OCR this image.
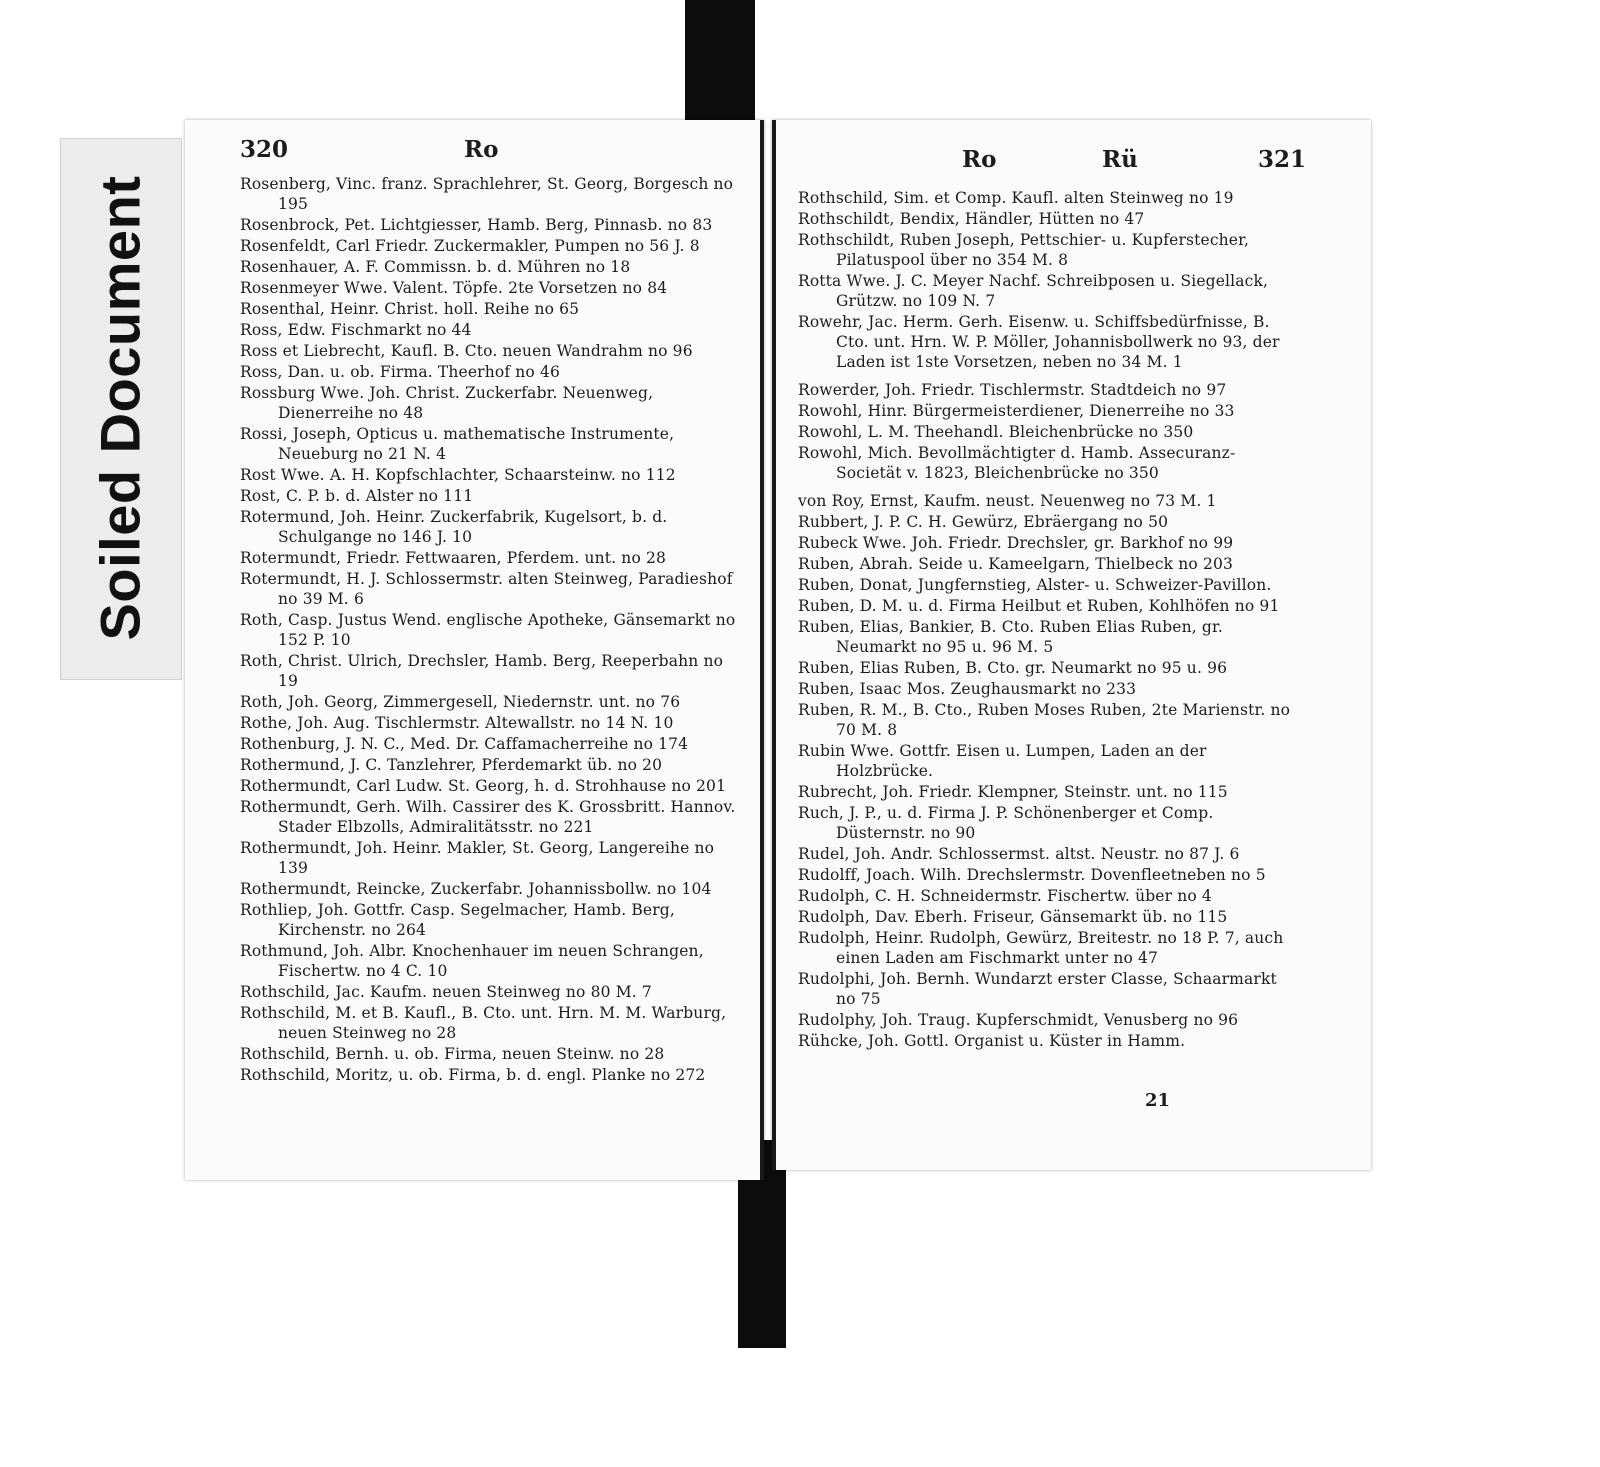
Soiled Document
320	Ro	Ro	Rü	321
Rosenberg, Vinc. franz. Sprachlehrer, St. Georg, Borgesch no 195
Rosenbrock, Pet. Lichtgiesser, Hamb. Berg, Pinnasb. no 83
Rosenfeldt, Carl Friedr. Zuckermakler, Pumpen no 56 J. 8
Rosenhauer, A. F. Commissn. b. d. Mühren no 18
Rosenmeyer Wwe. Valent. Töpfe. 2te Vorsetzen no 84
Rosenthal, Heinr. Christ. holl. Reihe no 65
Ross, Edw. Fischmarkt no 44
Ross et Liebrecht, Kaufl. B. Cto. neuen Wandrahm no 96
Ross, Dan. u. ob. Firma. Theerhof no 46
Rossburg Wwe. Joh. Christ. Zuckerfabr. Neuenweg, Dienerreihe no 48
Rossi, Joseph, Opticus u. mathematische Instrumente, Neueburg no 21 N. 4
Rost Wwe. A. H. Kopfschlachter, Schaarsteinw. no 112
Rost, C. P. b. d. Alster no 111
Rotermund, Joh. Heinr. Zuckerfabrik, Kugelsort, b. d. Schulgange no 146 J. 10
Rotermundt, Friedr. Fettwaaren, Pferdem. unt. no 28
Rotermundt, H. J. Schlossermstr. alten Steinweg, Paradieshof no 39 M. 6
Roth, Casp. Justus Wend. englische Apotheke, Gänsemarkt no 152 P. 10
Roth, Christ. Ulrich, Drechsler, Hamb. Berg, Reeperbahn no 19
Roth, Joh. Georg, Zimmergesell, Niedernstr. unt. no 76
Rothe, Joh. Aug. Tischlermstr. Altewallstr. no 14 N. 10
Rothenburg, J. N. C., Med. Dr. Caffamacherreihe no 174
Rothermund, J. C. Tanzlehrer, Pferdemarkt üb. no 20
Rothermundt, Carl Ludw. St. Georg, h. d. Strohhause no 201
Rothermundt, Gerh. Wilh. Cassirer des K. Grossbritt. Hannov. Stader Elbzolls, Admiralitätsstr. no 221
Rothermundt, Joh. Heinr. Makler, St. Georg, Langereihe no 139
Rothermundt, Reincke, Zuckerfabr. Johannissbollw. no 104
Rothliep, Joh. Gottfr. Casp. Segelmacher, Hamb. Berg, Kirchenstr. no 264
Rothmund, Joh. Albr. Knochenhauer im neuen Schrangen, Fischertw. no 4 C. 10
Rothschild, Jac. Kaufm. neuen Steinweg no 80 M. 7
Rothschild, M. et B. Kaufl., B. Cto. unt. Hrn. M. M. Warburg, neuen Steinweg no 28
Rothschild, Bernh. u. ob. Firma, neuen Steinw. no 28
Rothschild, Moritz, u. ob. Firma, b. d. engl. Planke no 272
Rothschild, Sim. et Comp. Kaufl. alten Steinweg no 19
Rothschildt, Bendix, Händler, Hütten no 47
Rothschildt, Ruben Joseph, Pettschier- u. Kupferstecher, Pilatuspool über no 354 M. 8
Rotta Wwe. J. C. Meyer Nachf. Schreibposen u. Siegellack, Grützw. no 109 N. 7
Rowehr, Jac. Herm. Gerh. Eisenw. u. Schiffsbedürfnisse, B. Cto. unt. Hrn. W. P. Möller, Johannisbollwerk no 93, der Laden ist 1ste Vorsetzen, neben no 34 M. 1
Rowerder, Joh. Friedr. Tischlermstr. Stadtdeich no 97
Rowohl, Hinr. Bürgermeisterdiener, Dienerreihe no 33
Rowohl, L. M. Theehandl. Bleichenbrücke no 350
Rowohl, Mich. Bevollmächtigter d. Hamb. Assecuranz-Societät v. 1823, Bleichenbrücke no 350
von Roy, Ernst, Kaufm. neust. Neuenweg no 73 M. 1
Rubbert, J. P. C. H. Gewürz, Ebräergang no 50
Rubeck Wwe. Joh. Friedr. Drechsler, gr. Barkhof no 99
Ruben, Abrah. Seide u. Kameelgarn, Thielbeck no 203
Ruben, Donat, Jungfernstieg, Alster- u. Schweizer-Pavillon.
Ruben, D. M. u. d. Firma Heilbut et Ruben, Kohlhöfen no 91
Ruben, Elias, Bankier, B. Cto. Ruben Elias Ruben, gr. Neumarkt no 95 u. 96 M. 5
Ruben, Elias Ruben, B. Cto. gr. Neumarkt no 95 u. 96
Ruben, Isaac Mos. Zeughausmarkt no 233
Ruben, R. M., B. Cto., Ruben Moses Ruben, 2te Marienstr. no 70 M. 8
Rubin Wwe. Gottfr. Eisen u. Lumpen, Laden an der Holzbrücke.
Rubrecht, Joh. Friedr. Klempner, Steinstr. unt. no 115
Ruch, J. P., u. d. Firma J. P. Schönenberger et Comp. Düsternstr. no 90
Rudel, Joh. Andr. Schlossermst. altst. Neustr. no 87 J. 6
Rudolff, Joach. Wilh. Drechslermstr. Dovenfleetneben no 5
Rudolph, C. H. Schneidermstr. Fischertw. über no 4
Rudolph, Dav. Eberh. Friseur, Gänsemarkt üb. no 115
Rudolph, Heinr. Rudolph, Gewürz, Breitestr. no 18 P. 7, auch einen Laden am Fischmarkt unter no 47
Rudolphi, Joh. Bernh. Wundarzt erster Classe, Schaarmarkt no 75
Rudolphy, Joh. Traug. Kupferschmidt, Venusberg no 96
Rühcke, Joh. Gottl. Organist u. Küster in Hamm.
21
